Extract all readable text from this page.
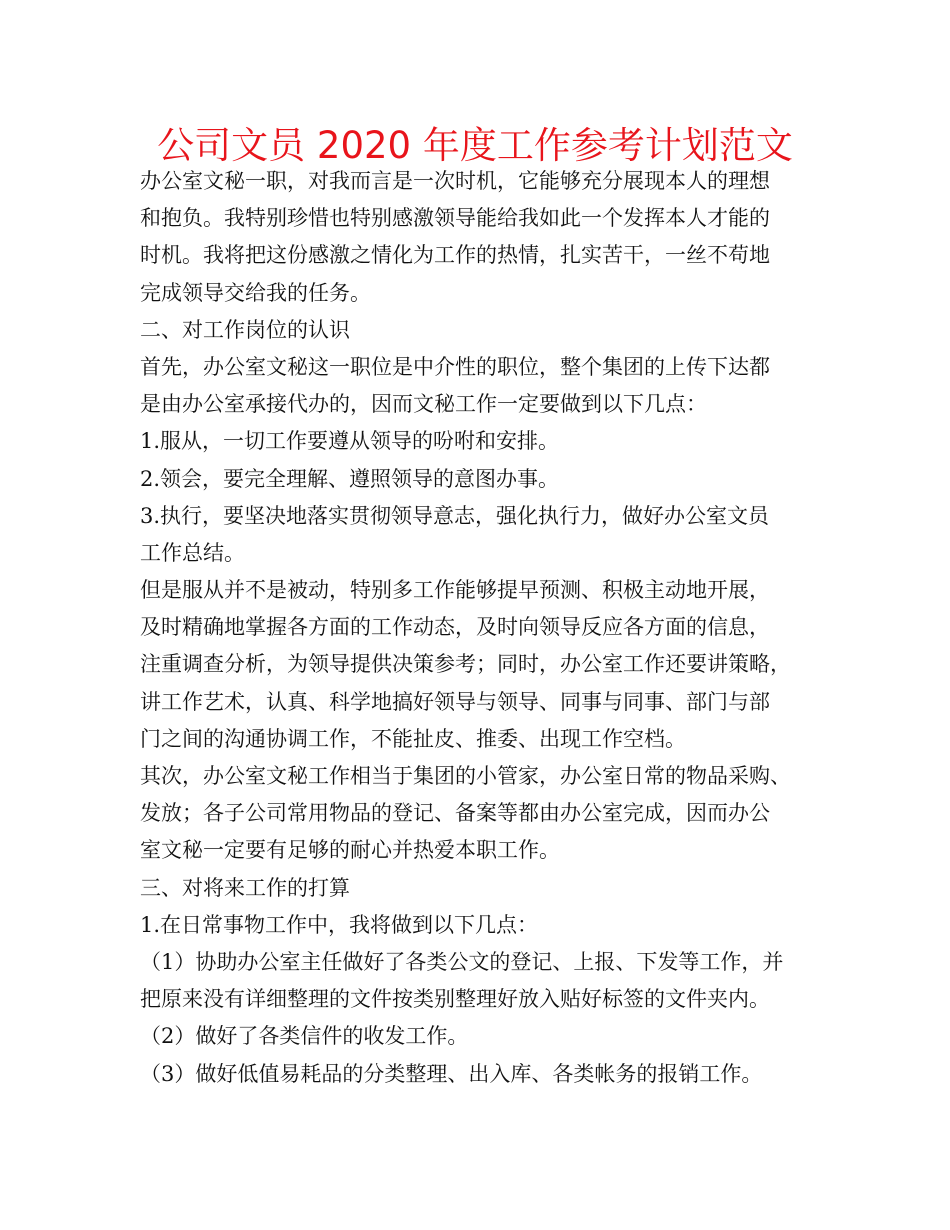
公司文员 2020 年度工作参考计划范文
办公室文秘一职，对我而言是一次时机，它能够充分展现本人的理想
和抱负。我特别珍惜也特别感激领导能给我如此一个发挥本人才能的
时机。我将把这份感激之情化为工作的热情，扎实苦干，一丝不苟地
完成领导交给我的任务。
二、对工作岗位的认识
首先，办公室文秘这一职位是中介性的职位，整个集团的上传下达都
是由办公室承接代办的，因而文秘工作一定要做到以下几点：
1.服从，一切工作要遵从领导的吩咐和安排。
2.领会，要完全理解、遵照领导的意图办事。
3.执行，要坚决地落实贯彻领导意志，强化执行力，做好办公室文员
工作总结。
但是服从并不是被动，特别多工作能够提早预测、积极主动地开展，
及时精确地掌握各方面的工作动态，及时向领导反应各方面的信息，
注重调查分析，为领导提供决策参考；同时，办公室工作还要讲策略，
讲工作艺术，认真、科学地搞好领导与领导、同事与同事、部门与部
门之间的沟通协调工作，不能扯皮、推委、出现工作空档。
其次，办公室文秘工作相当于集团的小管家，办公室日常的物品采购、
发放；各子公司常用物品的登记、备案等都由办公室完成，因而办公
室文秘一定要有足够的耐心并热爱本职工作。
三、对将来工作的打算
1.在日常事物工作中，我将做到以下几点：
（1）协助办公室主任做好了各类公文的登记、上报、下发等工作，并
把原来没有详细整理的文件按类别整理好放入贴好标签的文件夹内。
（2）做好了各类信件的收发工作。
（3）做好低值易耗品的分类整理、出入库、各类帐务的报销工作。
